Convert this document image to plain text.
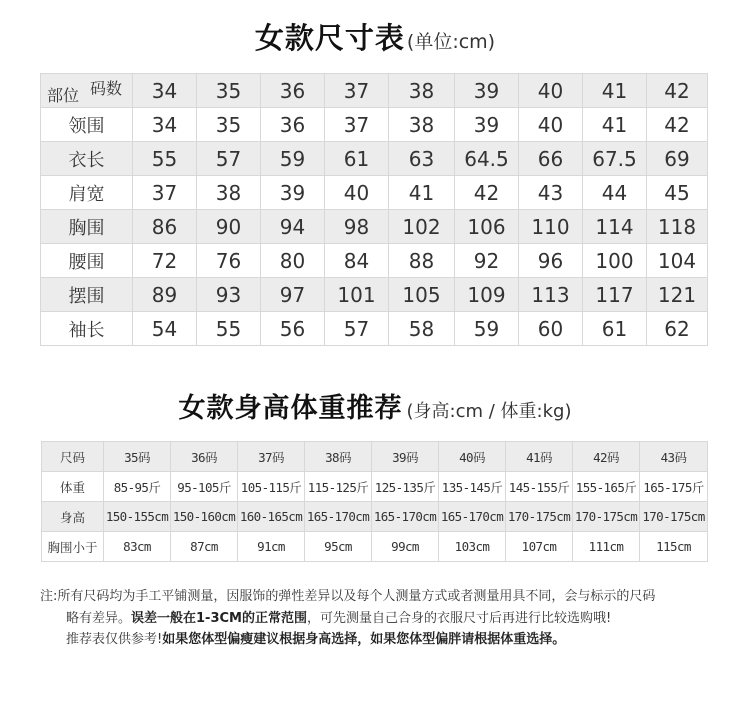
女款尺寸表 (单位:cm)
部位 码数	34	35	36	37	38	39	40	41	42
领围	34	35	36	37	38	39	40	41	42
衣长	55	57	59	61	63	64.5	66	67.5	69
肩宽	37	38	39	40	41	42	43	44	45
胸围	86	90	94	98	102	106	110	114	118
腰围	72	76	80	84	88	92	96	100	104
摆围	89	93	97	101	105	109	113	117	121
袖长	54	55	56	57	58	59	60	61	62
女款身高体重推荐 (身高:cm / 体重:kg)
尺码	35码	36码	37码	38码	39码	40码	41码	42码	43码
体重	85-95斤	95-105斤	105-115斤	115-125斤	125-135斤	135-145斤	145-155斤	155-165斤	165-175斤
身高	150-155cm	150-160cm	160-165cm	165-170cm	165-170cm	165-170cm	170-175cm	170-175cm	170-175cm
胸围小于	83cm	87cm	91cm	95cm	99cm	103cm	107cm	111cm	115cm
注:所有尺码均为手工平铺测量，因服饰的弹性差异以及每个人测量方式或者测量用具不同，会与标示的尺码
略有差异。误差一般在1-3CM的正常范围，可先测量自己合身的衣服尺寸后再进行比较选购哦!
推荐表仅供参考!如果您体型偏瘦建议根据身高选择，如果您体型偏胖请根据体重选择。
